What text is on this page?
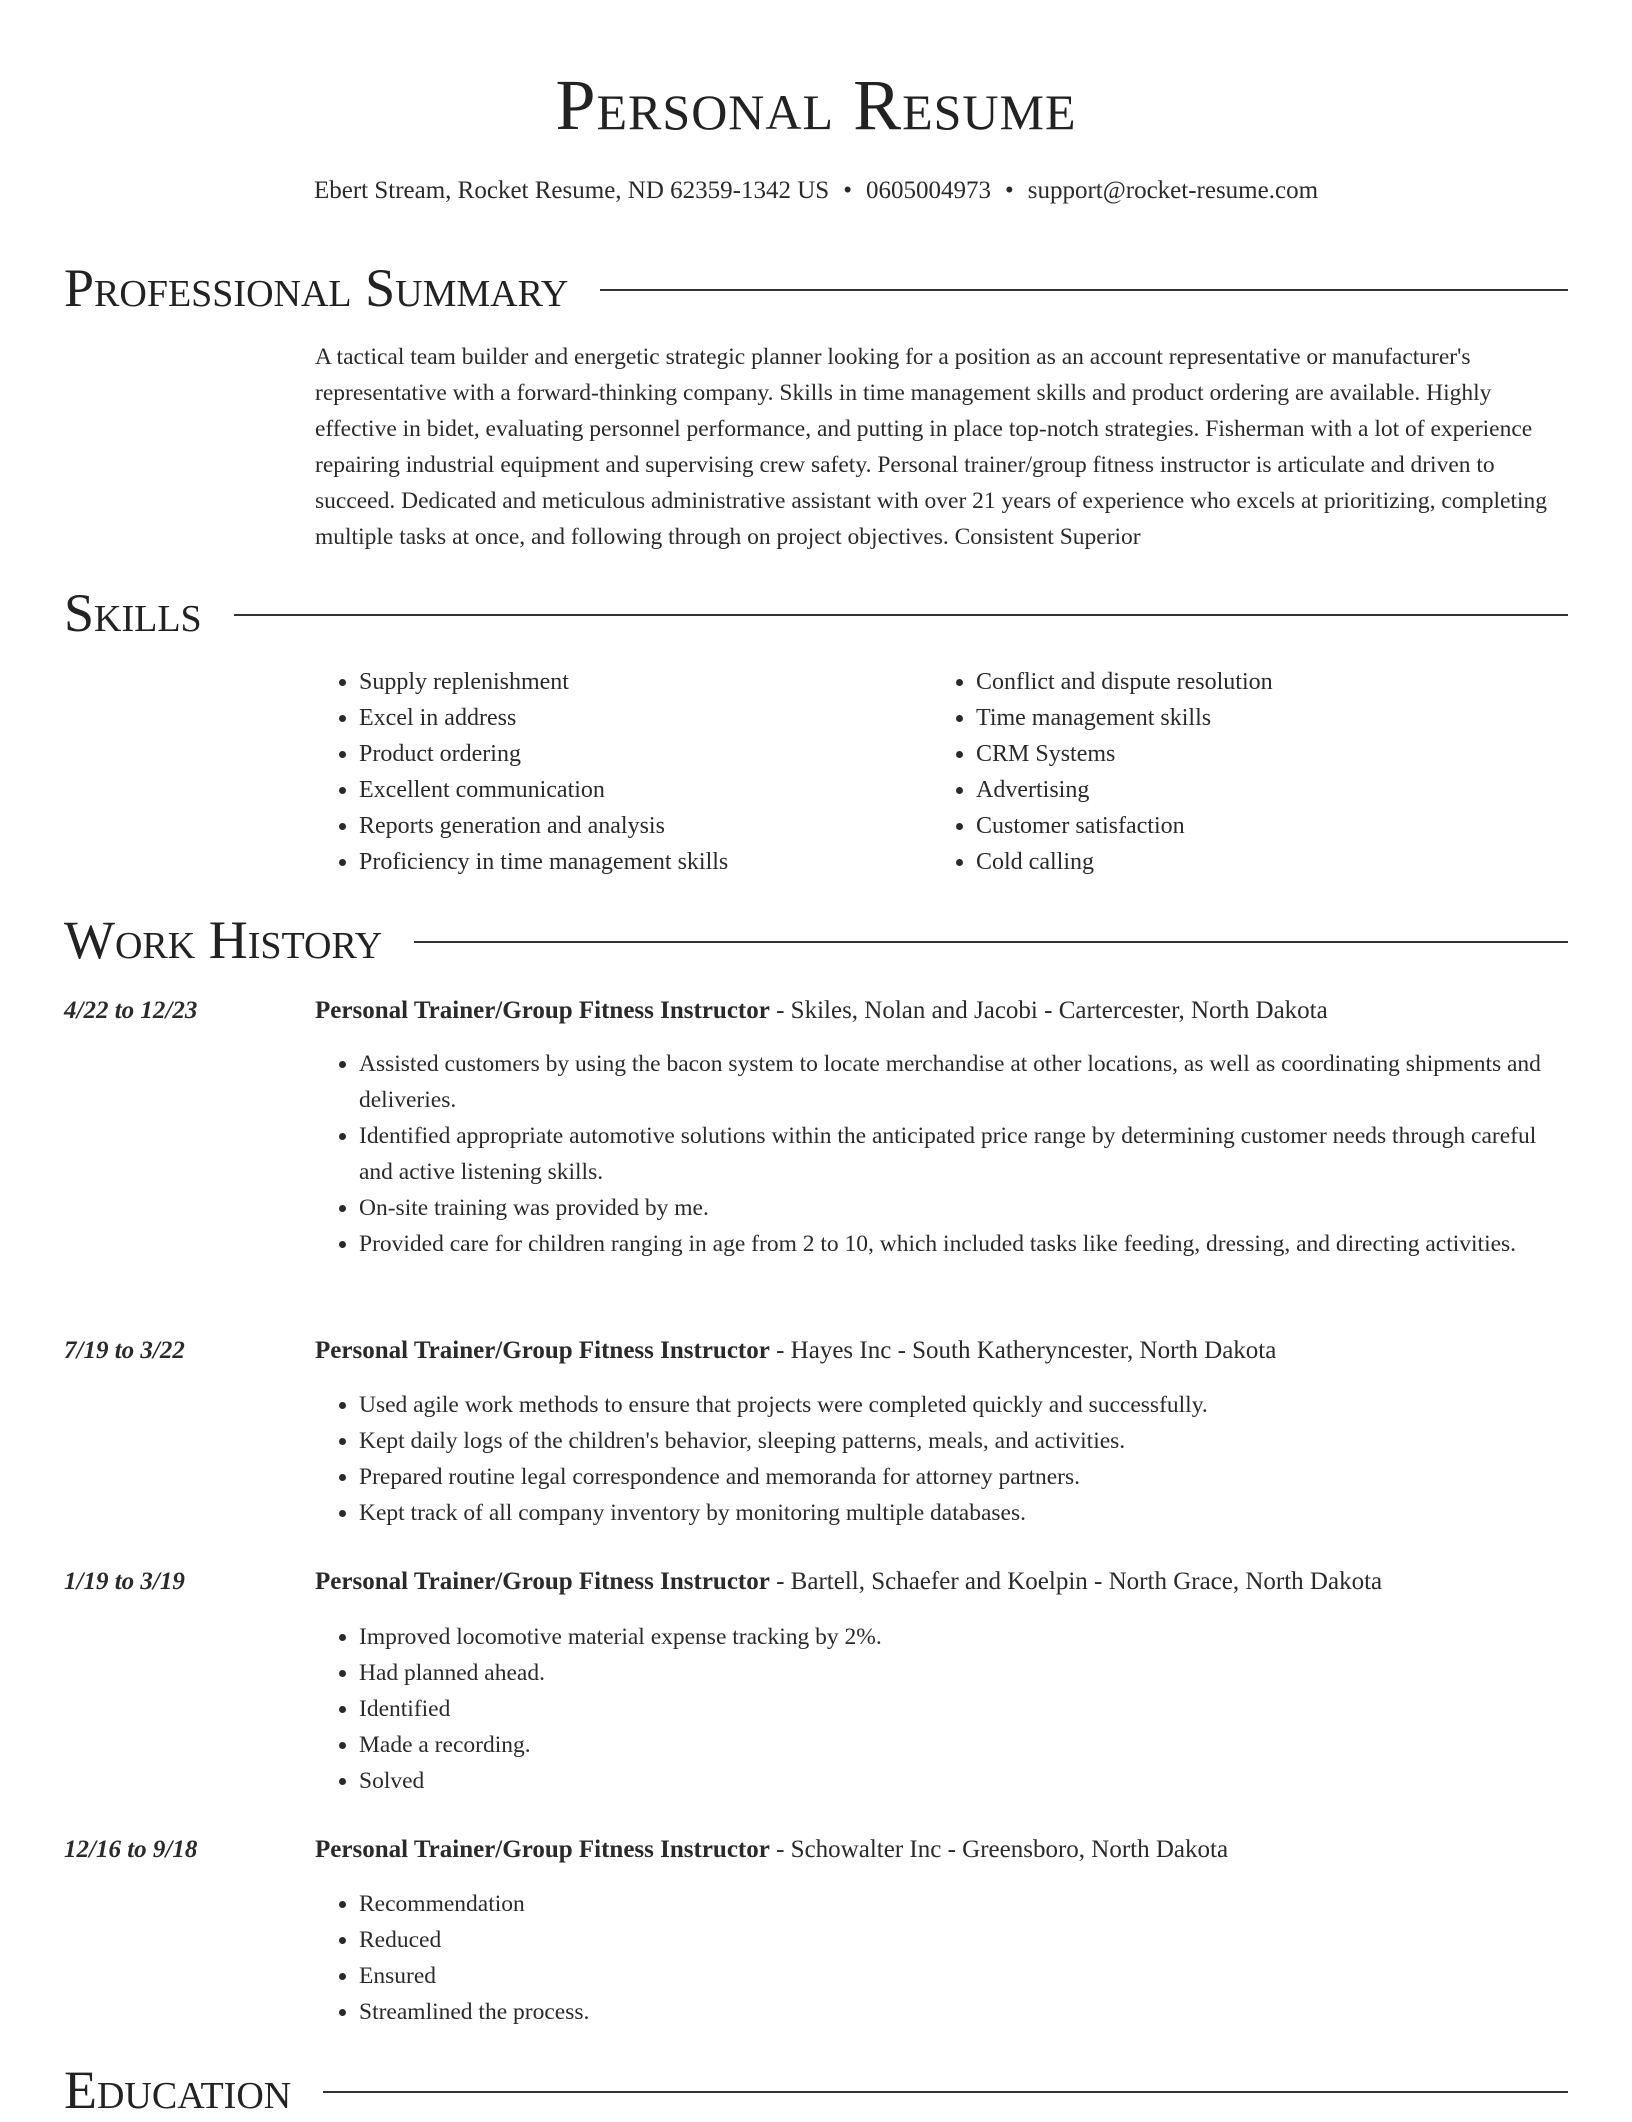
Personal Resume
Ebert Stream, Rocket Resume, ND 62359-1342 US • 0605004973 • support@rocket-resume.com
Professional Summary
A tactical team builder and energetic strategic planner looking for a position as an account representative or manufacturer's representative with a forward-thinking company. Skills in time management skills and product ordering are available. Highly effective in bidet, evaluating personnel performance, and putting in place top-notch strategies. Fisherman with a lot of experience repairing industrial equipment and supervising crew safety. Personal trainer/group fitness instructor is articulate and driven to succeed. Dedicated and meticulous administrative assistant with over 21 years of experience who excels at prioritizing, completing multiple tasks at once, and following through on project objectives. Consistent Superior
Skills
• Supply replenishment
• Excel in address
• Product ordering
• Excellent communication
• Reports generation and analysis
• Proficiency in time management skills
• Conflict and dispute resolution
• Time management skills
• CRM Systems
• Advertising
• Customer satisfaction
• Cold calling
Work History
4/22 to 12/23	Personal Trainer/Group Fitness Instructor - Skiles, Nolan and Jacobi - Cartercester, North Dakota
• Assisted customers by using the bacon system to locate merchandise at other locations, as well as coordinating shipments and deliveries.
• Identified appropriate automotive solutions within the anticipated price range by determining customer needs through careful and active listening skills.
• On-site training was provided by me.
• Provided care for children ranging in age from 2 to 10, which included tasks like feeding, dressing, and directing activities.
7/19 to 3/22	Personal Trainer/Group Fitness Instructor - Hayes Inc - South Katheryncester, North Dakota
• Used agile work methods to ensure that projects were completed quickly and successfully.
• Kept daily logs of the children's behavior, sleeping patterns, meals, and activities.
• Prepared routine legal correspondence and memoranda for attorney partners.
• Kept track of all company inventory by monitoring multiple databases.
1/19 to 3/19	Personal Trainer/Group Fitness Instructor - Bartell, Schaefer and Koelpin - North Grace, North Dakota
• Improved locomotive material expense tracking by 2%.
• Had planned ahead.
• Identified
• Made a recording.
• Solved
12/16 to 9/18	Personal Trainer/Group Fitness Instructor - Schowalter Inc - Greensboro, North Dakota
• Recommendation
• Reduced
• Ensured
• Streamlined the process.
Education
